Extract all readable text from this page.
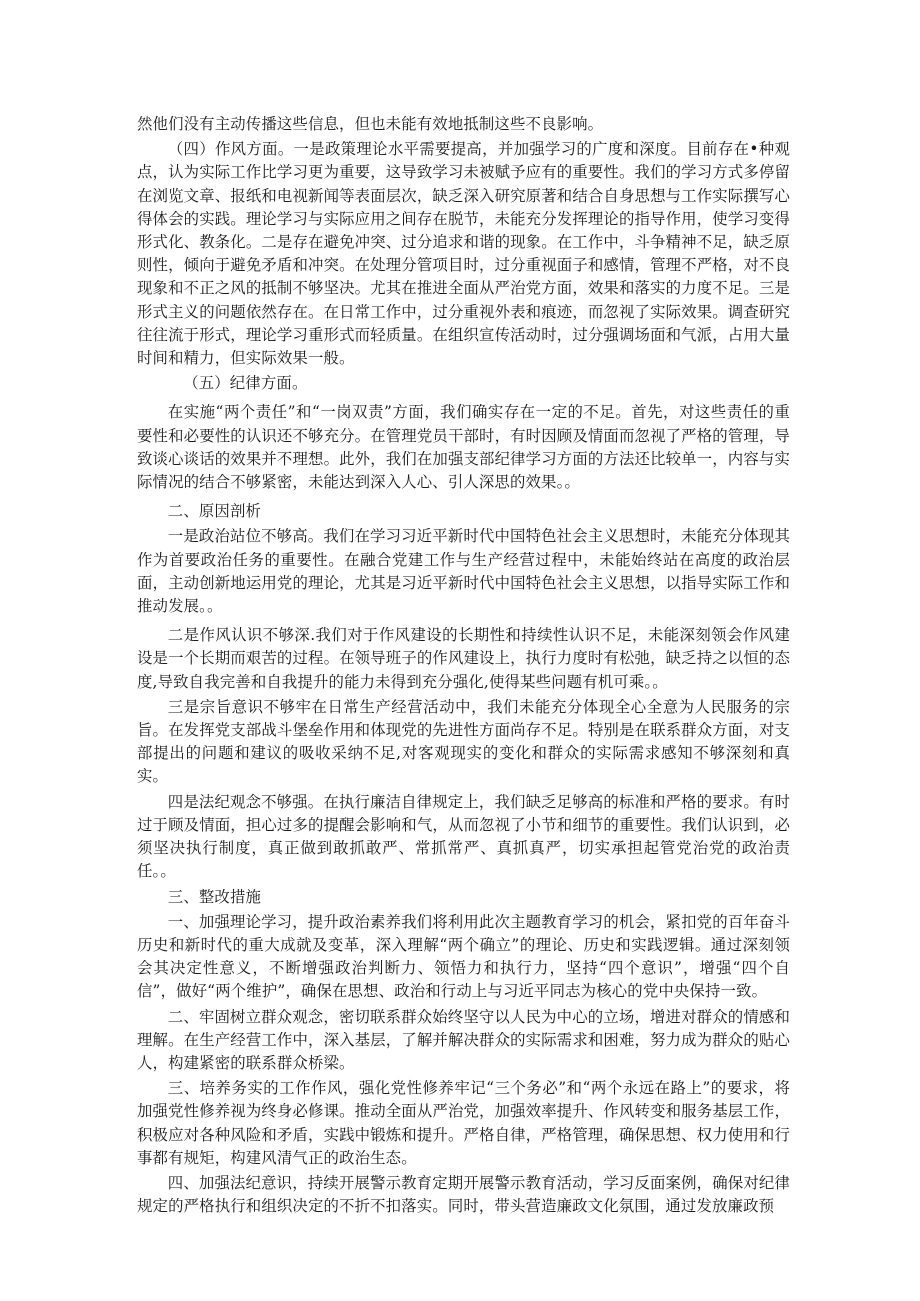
然他们没有主动传播这些信息，但也未能有效地抵制这些不良影响。

（四）作风方面。一是政策理论水平需要提高，并加强学习的广度和深度。目前存在•种观点，认为实际工作比学习更为重要，这导致学习未被赋予应有的重要性。我们的学习方式多停留在浏览文章、报纸和电视新闻等表面层次，缺乏深入研究原著和结合自身思想与工作实际撰写心得体会的实践。理论学习与实际应用之间存在脱节，未能充分发挥理论的指导作用，使学习变得形式化、教条化。二是存在避免冲突、过分追求和谐的现象。在工作中，斗争精神不足，缺乏原则性，倾向于避免矛盾和冲突。在处理分管项目时，过分重视面子和感情，管理不严格，对不良现象和不正之风的抵制不够坚决。尤其在推进全面从严治党方面，效果和落实的力度不足。三是形式主义的问题依然存在。在日常工作中，过分重视外表和痕迹，而忽视了实际效果。调查研究往往流于形式，理论学习重形式而轻质量。在组织宣传活动时，过分强调场面和气派，占用大量时间和精力，但实际效果一般。

（五）纪律方面。

在实施“两个责任”和“一岗双责”方面，我们确实存在一定的不足。首先，对这些责任的重要性和必要性的认识还不够充分。在管理党员干部时，有时因顾及情面而忽视了严格的管理，导致谈心谈话的效果并不理想。此外，我们在加强支部纪律学习方面的方法还比较单一，内容与实际情况的结合不够紧密，未能达到深入人心、引人深思的效果。。

二、原因剖析

一是政治站位不够高。我们在学习习近平新时代中国特色社会主义思想时，未能充分体现其作为首要政治任务的重要性。在融合党建工作与生产经营过程中，未能始终站在高度的政治层面，主动创新地运用党的理论，尤其是习近平新时代中国特色社会主义思想，以指导实际工作和推动发展。。

二是作风认识不够深.我们对于作风建设的长期性和持续性认识不足，未能深刻领会作风建设是一个长期而艰苦的过程。在领导班子的作风建设上，执行力度时有松弛，缺乏持之以恒的态度,导致自我完善和自我提升的能力未得到充分强化,使得某些问题有机可乘。。

三是宗旨意识不够牢在日常生产经营活动中，我们未能充分体现全心全意为人民服务的宗旨。在发挥党支部战斗堡垒作用和体现党的先进性方面尚存不足。特别是在联系群众方面，对支部提出的问题和建议的吸收采纳不足,对客观现实的变化和群众的实际需求感知不够深刻和真实。

四是法纪观念不够强。在执行廉洁自律规定上，我们缺乏足够高的标准和严格的要求。有时过于顾及情面，担心过多的提醒会影响和气，从而忽视了小节和细节的重要性。我们认识到，必须坚决执行制度，真正做到敢抓敢严、常抓常严、真抓真严，切实承担起管党治党的政治责任。。

三、整改措施

一、加强理论学习，提升政治素养我们将利用此次主题教育学习的机会，紧扣党的百年奋斗历史和新时代的重大成就及变革，深入理解“两个确立”的理论、历史和实践逻辑。通过深刻领会其决定性意义，不断增强政治判断力、领悟力和执行力，坚持“四个意识”，增强“四个自信”，做好“两个维护”，确保在思想、政治和行动上与习近平同志为核心的党中央保持一致。

二、牢固树立群众观念，密切联系群众始终坚守以人民为中心的立场，增进对群众的情感和理解。在生产经营工作中，深入基层，了解并解决群众的实际需求和困难，努力成为群众的贴心人，构建紧密的联系群众桥梁。

三、培养务实的工作作风，强化党性修养牢记“三个务必”和“两个永远在路上”的要求，将加强党性修养视为终身必修课。推动全面从严治党，加强效率提升、作风转变和服务基层工作，积极应对各种风险和矛盾，实践中锻炼和提升。严格自律，严格管理，确保思想、权力使用和行事都有规矩，构建风清气正的政治生态。

四、加强法纪意识，持续开展警示教育定期开展警示教育活动，学习反面案例，确保对纪律规定的严格执行和组织决定的不折不扣落实。同时，带头营造廉政文化氛围，通过发放廉政预
